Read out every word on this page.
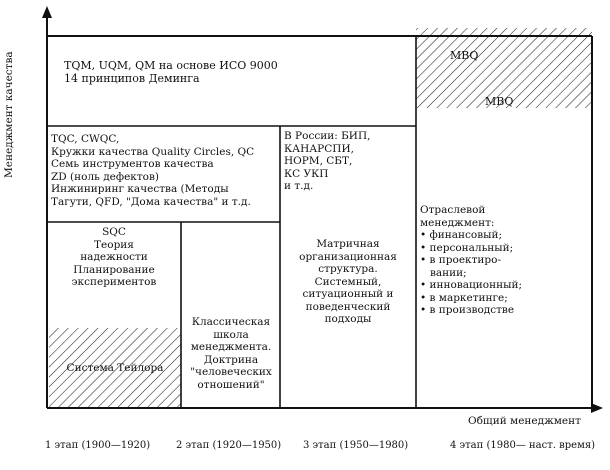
Менеджмент качества
Общий менеджмент
TQM, UQM, QM на основе ИСО 9000
14 принципов Деминга
MBQ
MBQ
TQC, CWQC,
Кружки качества Quality Circles, QC
Семь инструментов качества
ZD (ноль дефектов)
Инжиниринг качества (Методы
Тагути, QFD, "Дома качества" и т.д.
В России: БИП,
КАНАРСПИ,
НОРМ, СБТ,
КС УКП
и т.д.
SQC
Теория
надежности
Планирование
экспериментов
Матричная
организационная
структура.
Системный,
ситуационный и
поведенческий
подходы
Отраслевой
менеджмент:
• финансовый;
• персональный;
• в проектиро-
вании;
• инновационный;
• в маркетинге;
• в производстве
Классическая
школа
менеджмента.
Доктрина
"человеческих
отношений"
Система Тейлора
1 этап (1900—1920)	2 этап (1920—1950) 3 этап (1950—1980)	4 этап (1980— наст. время)
